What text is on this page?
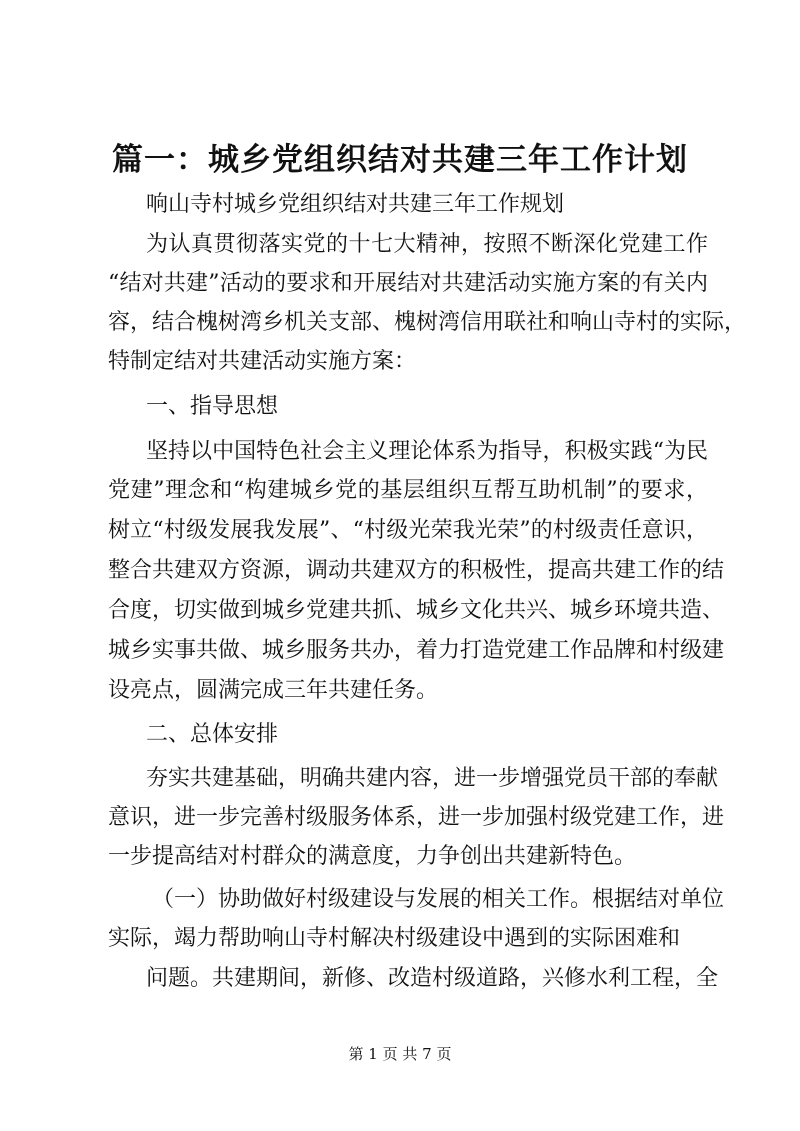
篇一：城乡党组织结对共建三年工作计划
响山寺村城乡党组织结对共建三年工作规划
为认真贯彻落实党的十七大精神，按照不断深化党建工作
“结对共建”活动的要求和开展结对共建活动实施方案的有关内
容，结合槐树湾乡机关支部、槐树湾信用联社和响山寺村的实际，
特制定结对共建活动实施方案：
一、指导思想
坚持以中国特色社会主义理论体系为指导，积极实践“为民
党建”理念和“构建城乡党的基层组织互帮互助机制”的要求，
树立“村级发展我发展”、“村级光荣我光荣”的村级责任意识，
整合共建双方资源，调动共建双方的积极性，提高共建工作的结
合度，切实做到城乡党建共抓、城乡文化共兴、城乡环境共造、
城乡实事共做、城乡服务共办，着力打造党建工作品牌和村级建
设亮点，圆满完成三年共建任务。
二、总体安排
夯实共建基础，明确共建内容，进一步增强党员干部的奉献
意识，进一步完善村级服务体系，进一步加强村级党建工作，进
一步提高结对村群众的满意度，力争创出共建新特色。
（一）协助做好村级建设与发展的相关工作。根据结对单位
实际，竭力帮助响山寺村解决村级建设中遇到的实际困难和
问题。共建期间，新修、改造村级道路，兴修水利工程，全
第 1 页 共 7 页
